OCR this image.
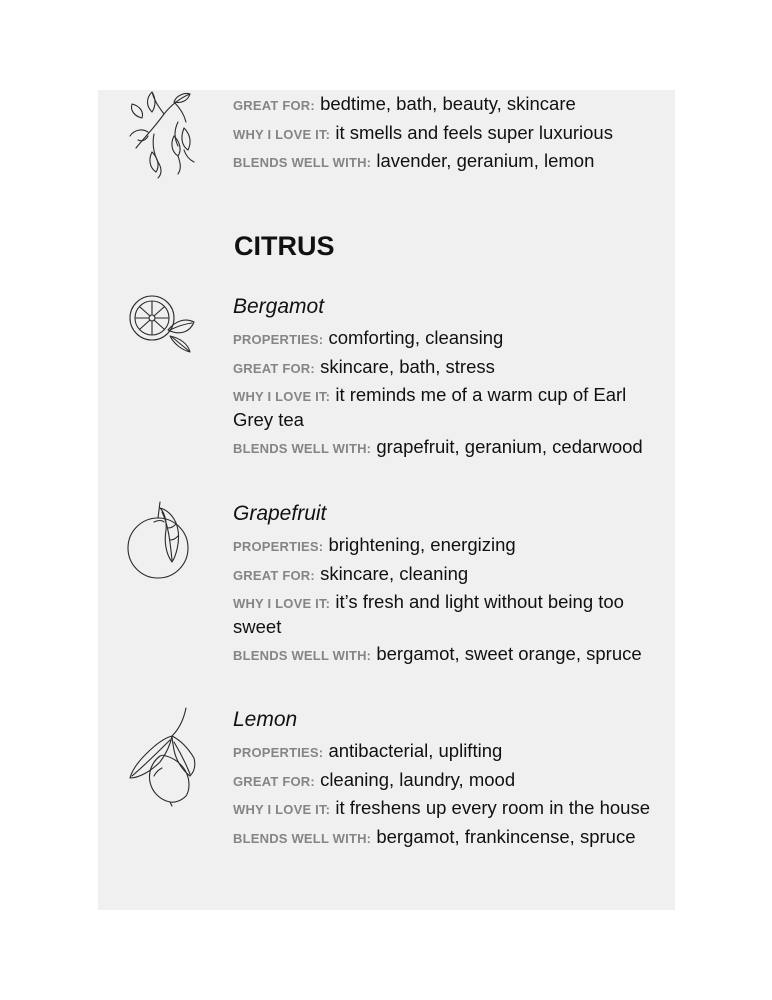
GREAT FOR: bedtime, bath, beauty, skincare

WHY I LOVE IT: it smells and feels super luxurious

BLENDS WELL WITH: lavender, geranium, lemon

CITRUS

Bergamot

PROPERTIES: comforting, cleansing

GREAT FOR: skincare, bath, stress

WHY I LOVE IT: it reminds me of a warm cup of Earl Grey tea

BLENDS WELL WITH: grapefruit, geranium, cedarwood

Grapefruit

PROPERTIES: brightening, energizing

GREAT FOR: skincare, cleaning

WHY I LOVE IT: it’s fresh and light without being too sweet

BLENDS WELL WITH: bergamot, sweet orange, spruce

Lemon

PROPERTIES: antibacterial, uplifting

GREAT FOR: cleaning, laundry, mood

WHY I LOVE IT: it freshens up every room in the house

BLENDS WELL WITH: bergamot, frankincense, spruce
